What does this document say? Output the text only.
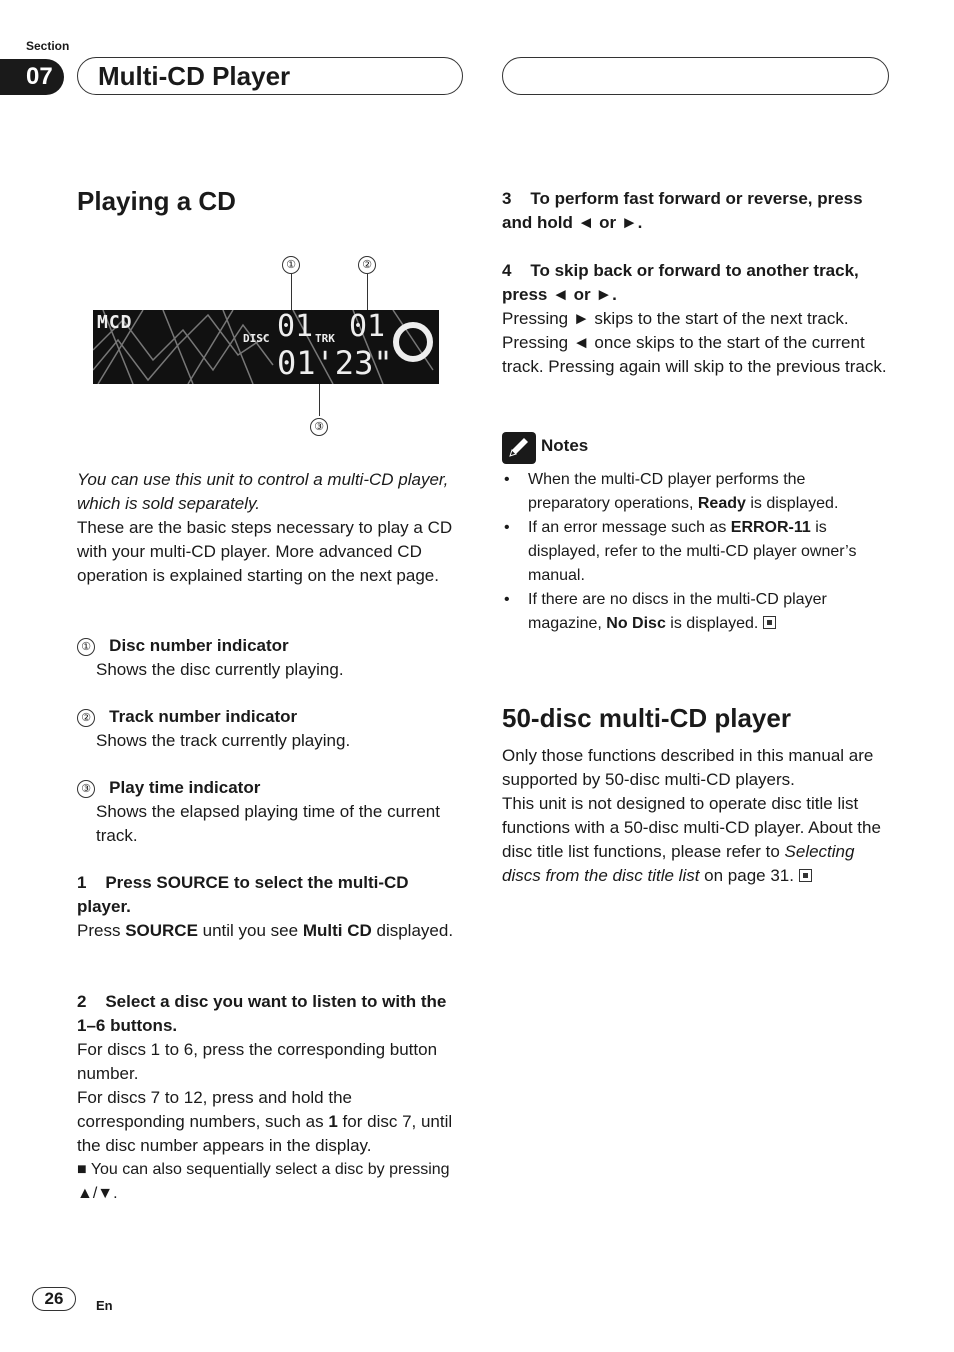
Section
07	Multi-CD Player
Playing a CD
①	②
MCD
DISC 01 TRK 01
01'23"
③

You can use this unit to control a multi-CD player, which is sold separately.

These are the basic steps necessary to play a CD with your multi-CD player. More advanced CD operation is explained starting on the next page.

① Disc number indicator

Shows the disc currently playing.

② Track number indicator

Shows the track currently playing.

③ Play time indicator

Shows the elapsed playing time of the current track.

1    Press SOURCE to select the multi-CD player.

Press SOURCE until you see Multi CD displayed.

2    Select a disc you want to listen to with the 1–6 buttons.

For discs 1 to 6, press the corresponding button number.

For discs 7 to 12, press and hold the corresponding numbers, such as 1 for disc 7, until the disc number appears in the display.

■ You can also sequentially select a disc by pressing ▲/▼.

3    To perform fast forward or reverse, press and hold ◄ or ►.

4    To skip back or forward to another track, press ◄ or ►.

Pressing ► skips to the start of the next track. Pressing ◄ once skips to the start of the current track. Pressing again will skip to the previous track.

Notes
• When the multi-CD player performs the preparatory operations, Ready is displayed.
• If an error message such as ERROR-11 is displayed, refer to the multi-CD player owner’s manual.
• If there are no discs in the multi-CD player magazine, No Disc is displayed.
50-disc multi-CD player

Only those functions described in this manual are supported by 50-disc multi-CD players.

This unit is not designed to operate disc title list functions with a 50-disc multi-CD player. About the disc title list functions, please refer to Selecting discs from the disc title list on page 31.

26	En
